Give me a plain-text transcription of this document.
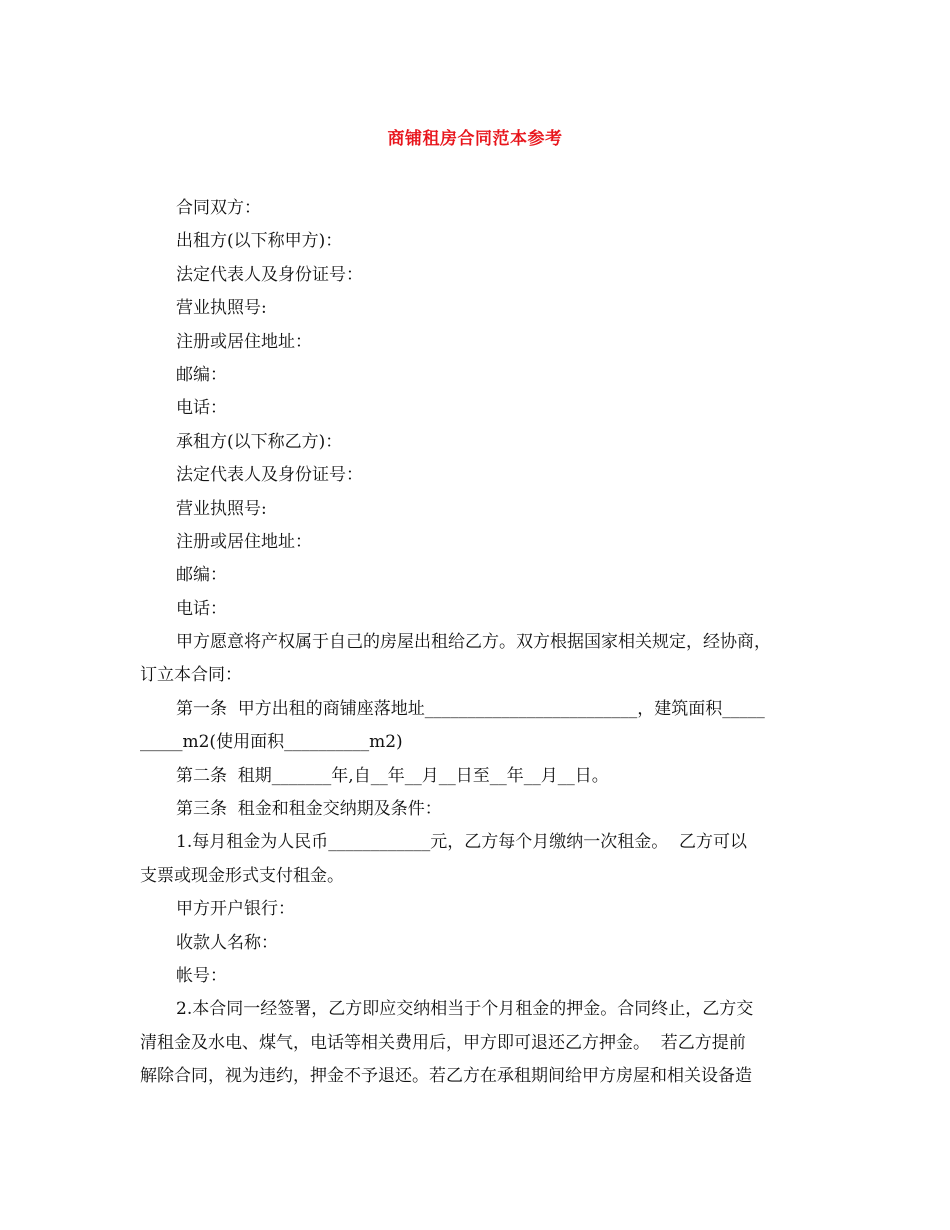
商铺租房合同范本参考
合同双方：
出租方(以下称甲方)：
法定代表人及身份证号：
营业执照号:
注册或居住地址：
邮编：
电话：
承租方(以下称乙方)：
法定代表人及身份证号：
营业执照号:
注册或居住地址：
邮编：
电话：
甲方愿意将产权属于自己的房屋出租给乙方。双方根据国家相关规定，经协商，
订立本合同：
第一条  甲方出租的商铺座落地址_________________________，建筑面积_____
_____m2(使用面积__________m2)
第二条  租期_______年,自__年__月__日至__年__月__日。
第三条  租金和租金交纳期及条件：
1.每月租金为人民币____________元，乙方每个月缴纳一次租金。  乙方可以
支票或现金形式支付租金。
甲方开户银行：
收款人名称：
帐号：
2.本合同一经签署，乙方即应交纳相当于个月租金的押金。合同终止，乙方交
清租金及水电、煤气，电话等相关费用后，甲方即可退还乙方押金。  若乙方提前
解除合同，视为违约，押金不予退还。若乙方在承租期间给甲方房屋和相关设备造
